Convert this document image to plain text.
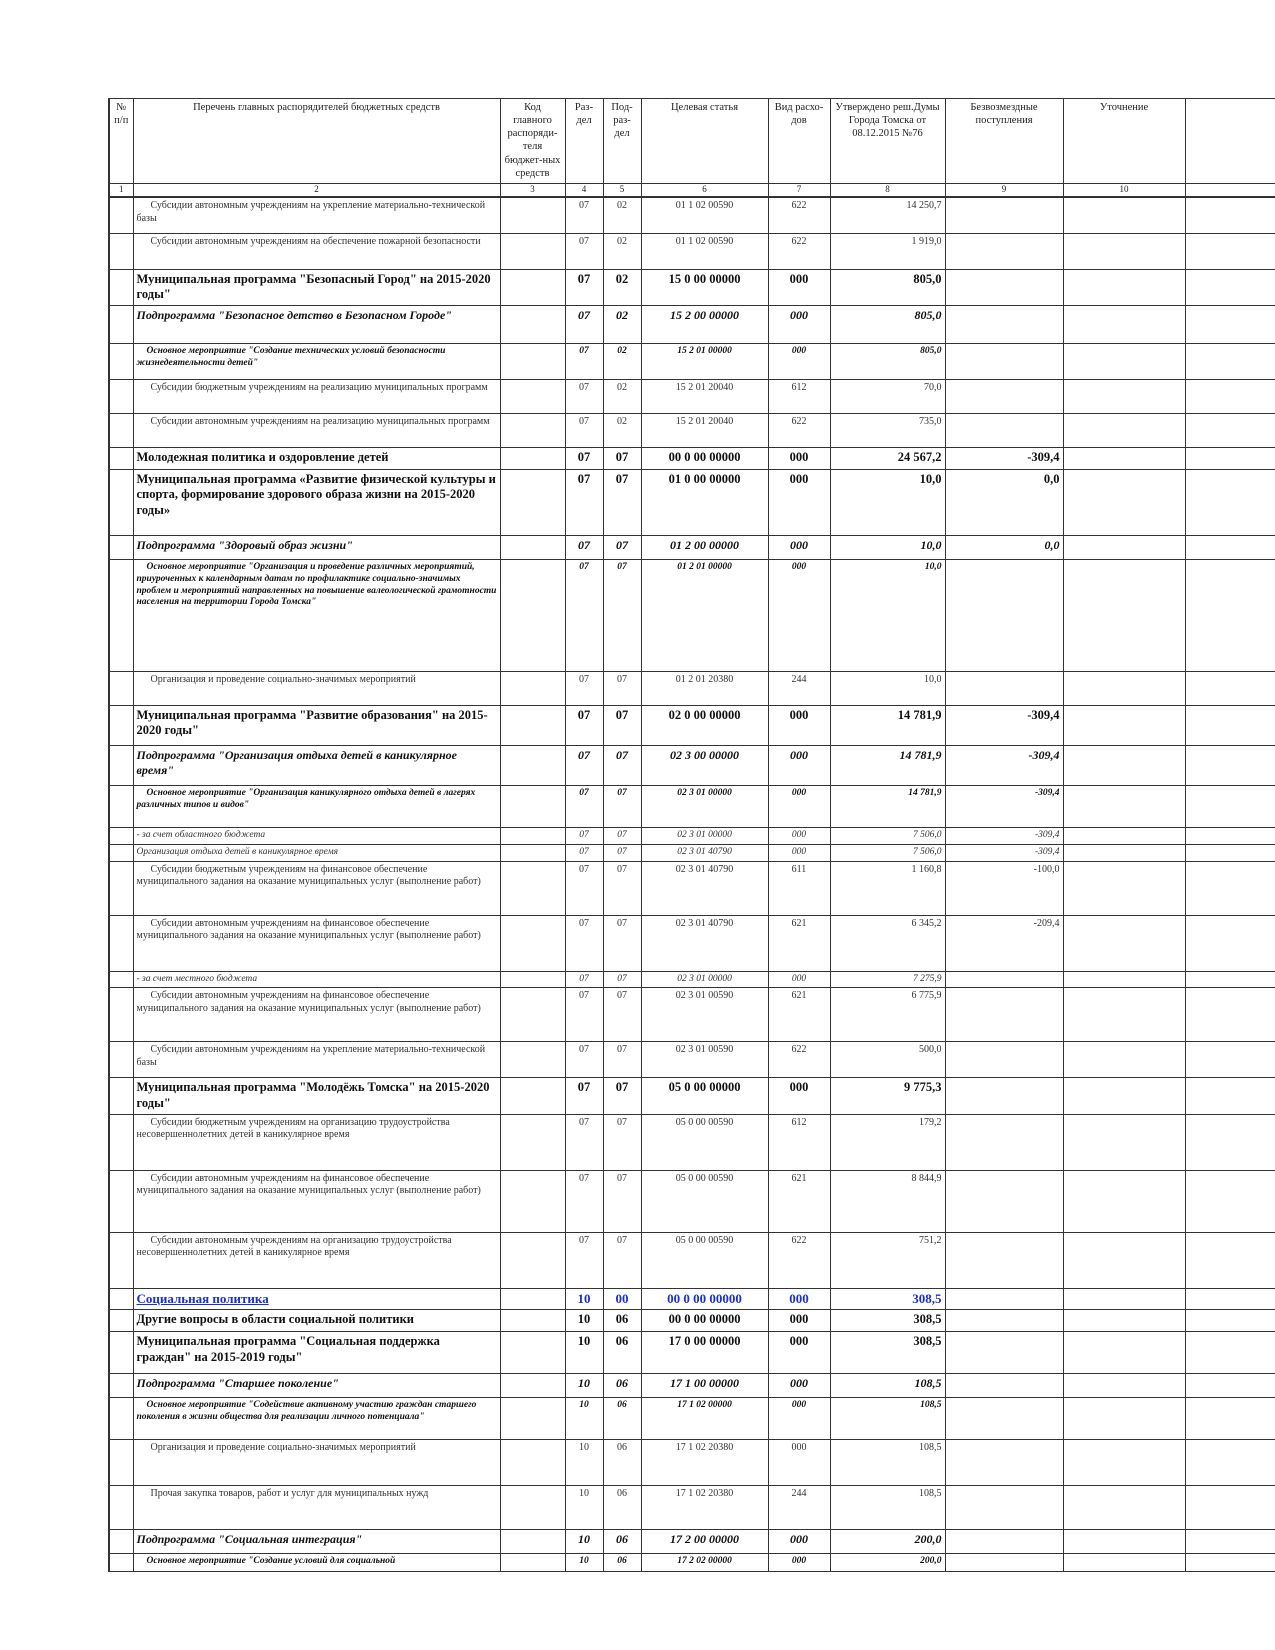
№ п/п	Перечень главных распорядителей бюджетных средств	Код главного распоряди-теля бюджет-ных средств	Раз-дел	Под-раз-дел	Целевая статья	Вид расхо-дов	Утверждено реш.Думы Города Томска от 08.12.2015 №76	Безвозмездные поступления	Уточнение	
1	2	3	4	5	6	7	8	9	10	
	Субсидии автономным учреждениям на укрепление материально-технической базы		07	02	01 1 02 00590	622	14 250,7			
	Субсидии автономным учреждениям на обеспечение пожарной безопасности		07	02	01 1 02 00590	622	1 919,0			
	Муниципальная программа "Безопасный Город" на 2015-2020 годы"		07	02	15 0 00 00000	000	805,0			
	Подпрограмма "Безопасное детство в Безопасном Городе"		07	02	15 2 00 00000	000	805,0			
	Основное мероприятие "Создание технических условий безопасности жизнедеятельности детей"		07	02	15 2 01 00000	000	805,0			
	Субсидии бюджетным учреждениям на реализацию муниципальных программ		07	02	15 2 01 20040	612	70,0			
	Субсидии автономным учреждениям на реализацию муниципальных программ		07	02	15 2 01 20040	622	735,0			
	Молодежная политика и оздоровление детей		07	07	00 0 00 00000	000	24 567,2	-309,4		
	Муниципальная программа «Развитие физической культуры и спорта, формирование здорового образа жизни на 2015-2020 годы»		07	07	01 0 00 00000	000	10,0	0,0		
	Подпрограмма "Здоровый образ жизни"		07	07	01 2 00 00000	000	10,0	0,0		
	Основное мероприятие "Организация и проведение различных мероприятий, приуроченных к календарным датам по профилактике социально-значимых проблем и мероприятий направленных на повышение валеологической грамотности населения на территории Города Томска"		07	07	01 2 01 00000	000	10,0			
	Организация и проведение социально-значимых мероприятий		07	07	01 2 01 20380	244	10,0			
	Муниципальная программа "Развитие образования" на 2015-2020 годы"		07	07	02 0 00 00000	000	14 781,9	-309,4		
	Подпрограмма "Организация отдыха детей в каникулярное время"		07	07	02 3 00 00000	000	14 781,9	-309,4		
	Основное мероприятие "Организация каникулярного отдыха детей в лагерях различных типов и видов"		07	07	02 3 01 00000	000	14 781,9	-309,4		
	- за счет областного бюджета		07	07	02 3 01 00000	000	7 506,0	-309,4		
	Организация отдыха детей в каникулярное время		07	07	02 3 01 40790	000	7 506,0	-309,4		
	Субсидии бюджетным учреждениям на финансовое обеспечение муниципального задания на оказание муниципальных услуг (выполнение работ)		07	07	02 3 01 40790	611	1 160,8	-100,0		
	Субсидии автономным учреждениям на финансовое обеспечение муниципального задания на оказание муниципальных услуг (выполнение работ)		07	07	02 3 01 40790	621	6 345,2	-209,4		
	- за счет местного бюджета		07	07	02 3 01 00000	000	7 275,9			
	Субсидии автономным учреждениям на финансовое обеспечение муниципального задания на оказание муниципальных услуг (выполнение работ)		07	07	02 3 01 00590	621	6 775,9			
	Субсидии автономным учреждениям на укрепление материально-технической базы		07	07	02 3 01 00590	622	500,0			
	Муниципальная программа "Молодёжь Томска" на 2015-2020 годы"		07	07	05 0 00 00000	000	9 775,3			
	Субсидии бюджетным учреждениям на организацию трудоустройства несовершеннолетних детей в каникулярное время		07	07	05 0 00 00590	612	179,2			
	Субсидии автономным учреждениям на финансовое обеспечение муниципального задания на оказание муниципальных услуг (выполнение работ)		07	07	05 0 00 00590	621	8 844,9			
	Субсидии автономным учреждениям на организацию трудоустройства несовершеннолетних детей в каникулярное время		07	07	05 0 00 00590	622	751,2			
	Социальная политика		10	00	00 0 00 00000	000	308,5			
	Другие вопросы в области социальной политики		10	06	00 0 00 00000	000	308,5			
	Муниципальная программа "Социальная поддержка граждан" на 2015-2019 годы"		10	06	17 0 00 00000	000	308,5			
	Подпрограмма "Старшее поколение"		10	06	17 1 00 00000	000	108,5			
	Основное мероприятие "Содействие активному участию граждан старшего поколения в жизни общества для реализации личного потенциала"		10	06	17 1 02 00000	000	108,5			
	Организация и проведение социально-значимых мероприятий		10	06	17 1 02 20380	000	108,5			
	Прочая закупка товаров, работ и услуг для муниципальных нужд		10	06	17 1 02 20380	244	108,5			
	Подпрограмма "Социальная интеграция"		10	06	17 2 00 00000	000	200,0			
	Основное мероприятие "Создание условий для социальной		10	06	17 2 02 00000	000	200,0			
